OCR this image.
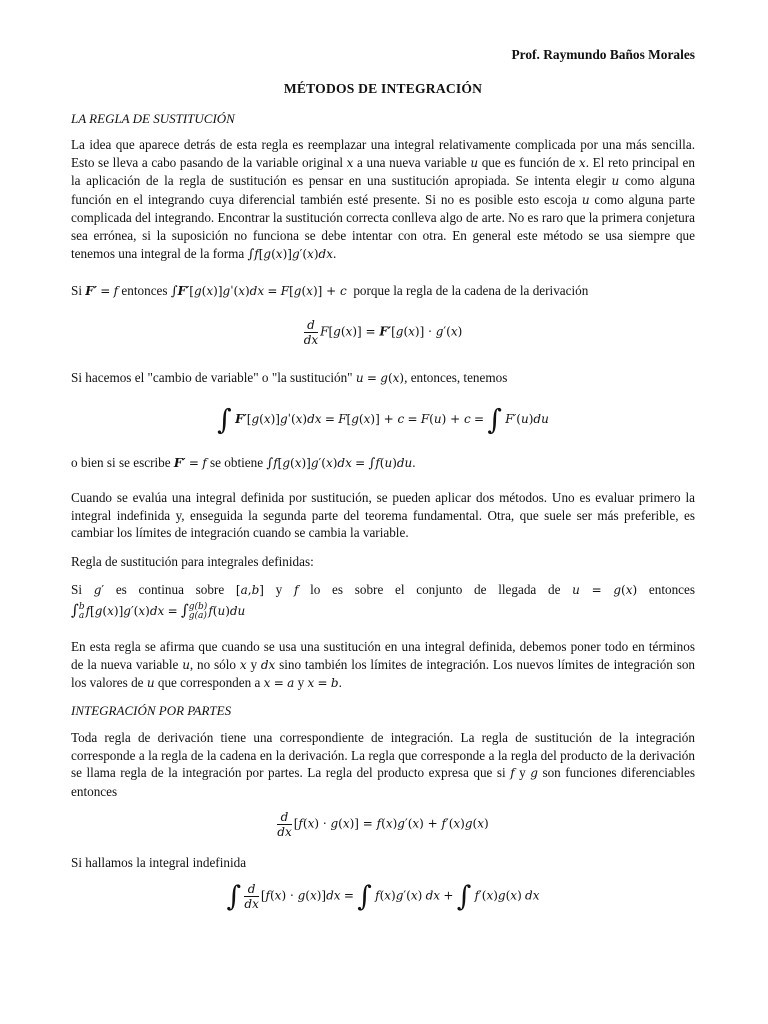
Prof. Raymundo Baños Morales
MÉTODOS DE INTEGRACIÓN
LA REGLA DE SUSTITUCIÓN

La idea que aparece detrás de esta regla es reemplazar una integral relativamente complicada por una más sencilla. Esto se lleva a cabo pasando de la variable original x a una nueva variable u que es función de x. El reto principal en la aplicación de la regla de sustitución es pensar en una sustitución apropiada. Se intenta elegir u como alguna función en el integrando cuya diferencial también esté presente. Si no es posible esto escoja u como alguna parte complicada del integrando. Encontrar la sustitución correcta conlleva algo de arte. No es raro que la primera conjetura sea errónea, si la suposición no funciona se debe intentar con otra. En general este método se usa siempre que tenemos una integral de la forma ∫f[g(x)]g′(x)dx.

Si F′ = f entonces ∫F′[g(x)]gˈ(x)dx = F[g(x)] + c  porque la regla de la cadena de la derivación

$\frac{d}{dx} F[g(x)] = F'[g(x)] \cdot g'(x)$

Si hacemos el "cambio de variable" o "la sustitución" u = g(x), entonces, tenemos

∫ F′[g(x)]gˈ(x)dx = F[g(x)] + c = F(u) + c = ∫ F′(u)du

o bien si se escribe F′ = f se obtiene ∫f[g(x)]g′(x)dx = ∫f(u)du.

Cuando se evalúa una integral definida por sustitución, se pueden aplicar dos métodos. Uno es evaluar primero la integral indefinida y, enseguida la segunda parte del teorema fundamental. Otra, que suele ser más preferible, es cambiar los límites de integración cuando se cambia la variable.
Regla de sustitución para integrales definidas:

Si g′ es continua sobre [a,b] y f lo es sobre el conjunto de llegada de u = g(x) entonces

∫ b
a f[g(x)]g′(x)dx = ∫ g(b)
g(a) f(u)du

En esta regla se afirma que cuando se usa una sustitución en una integral definida, debemos poner todo en términos de la nueva variable u, no sólo x y dx sino también los límites de integración. Los nuevos límites de integración son los valores de u que corresponden a x = a y x = b.

INTEGRACIÓN POR PARTES

Toda regla de derivación tiene una correspondiente de integración. La regla de sustitución de la integración corresponde a la regla de la cadena en la derivación. La regla que corresponde a la regla del producto de la derivación se llama regla de la integración por partes. La regla del producto expresa que si f y g son funciones diferenciables entonces

$\frac{d}{dx} [f(x) \cdot g(x)] = f(x)g'(x) + f'(x)g(x)$
Si hallamos la integral indefinida
∫ $\frac{d}{dx} [f(x) \cdot g(x)]dx$ = ∫ f(x)g′(x) dx + ∫ f′(x)g(x) dx
